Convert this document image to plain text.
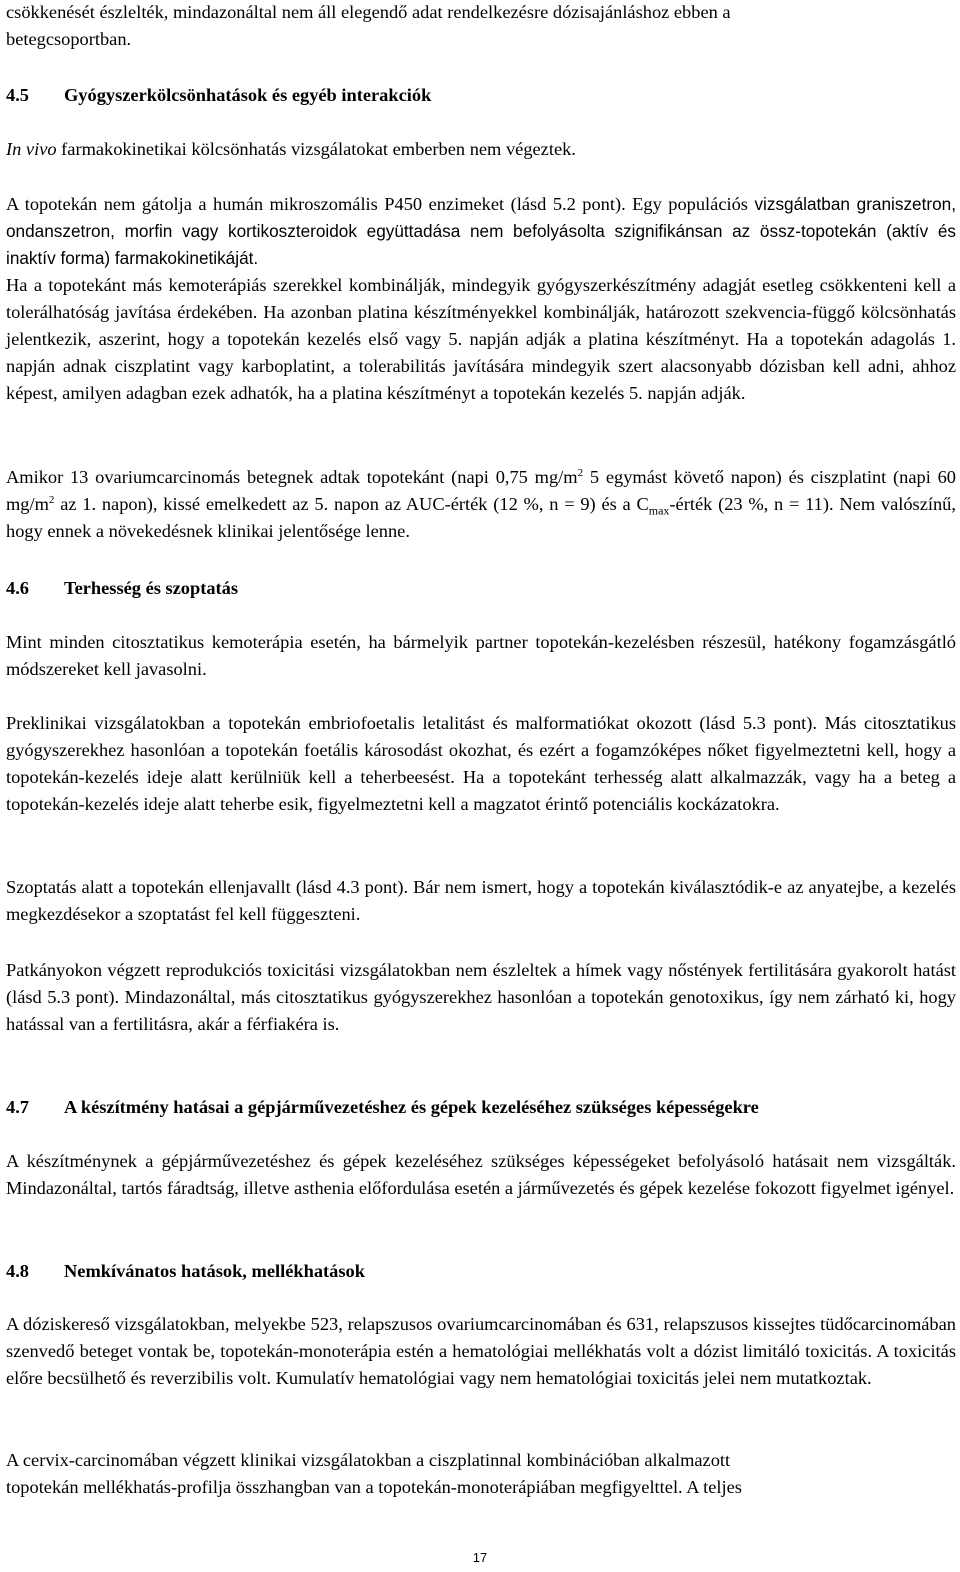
csökkenését észlelték, mindazonáltal nem áll elegendő adat rendelkezésre dózisajánláshoz ebben a
betegcsoportban.

4.5 Gyógyszerkölcsönhatások és egyéb interakciók

In vivo farmakokinetikai kölcsönhatás vizsgálatokat emberben nem végeztek.

A topotekán nem gátolja a humán mikroszomális P450 enzimeket (lásd 5.2 pont). Egy populációs vizsgálatban graniszetron, ondanszetron, morfin vagy kortikoszteroidok együttadása nem befolyásolta szignifikánsan az össz-topotekán (aktív és inaktív forma) farmakokinetikáját.

Ha a topotekánt más kemoterápiás szerekkel kombinálják, mindegyik gyógyszerkészítmény adagját esetleg csökkenteni kell a tolerálhatóság javítása érdekében. Ha azonban platina készítményekkel kombinálják, határozott szekvencia-függő kölcsönhatás jelentkezik, aszerint, hogy a topotekán kezelés első vagy 5. napján adják a platina készítményt. Ha a topotekán adagolás 1. napján adnak ciszplatint vagy karboplatint, a tolerabilitás javítására mindegyik szert alacsonyabb dózisban kell adni, ahhoz képest, amilyen adagban ezek adhatók, ha a platina készítményt a topotekán kezelés 5. napján adják.

Amikor 13 ovariumcarcinomás betegnek adtak topotekánt (napi 0,75 $mg/m^2$ 5 egymást követő napon) és ciszplatint (napi 60 $mg/m^2$ az 1. napon), kissé emelkedett az 5. napon az AUC-érték (12 %, n = 9) és a $C_{max}$-érték (23 %, n = 11). Nem valószínű, hogy ennek a növekedésnek klinikai jelentősége lenne.

4.6 Terhesség és szoptatás

Mint minden citosztatikus kemoterápia esetén, ha bármelyik partner topotekán-kezelésben részesül, hatékony fogamzásgátló módszereket kell javasolni.

Preklinikai vizsgálatokban a topotekán embriofoetalis letalitást és malformatiókat okozott (lásd 5.3 pont). Más citosztatikus gyógyszerekhez hasonlóan a topotekán foetális károsodást okozhat, és ezért a fogamzóképes nőket figyelmeztetni kell, hogy a topotekán-kezelés ideje alatt kerülniük kell a teherbeesést. Ha a topotekánt terhesség alatt alkalmazzák, vagy ha a beteg a topotekán-kezelés ideje alatt teherbe esik, figyelmeztetni kell a magzatot érintő potenciális kockázatokra.

Szoptatás alatt a topotekán ellenjavallt (lásd 4.3 pont). Bár nem ismert, hogy a topotekán kiválasztódik-e az anyatejbe, a kezelés megkezdésekor a szoptatást fel kell függeszteni.

Patkányokon végzett reprodukciós toxicitási vizsgálatokban nem észleltek a hímek vagy nőstények fertilitására gyakorolt hatást (lásd 5.3 pont). Mindazonáltal, más citosztatikus gyógyszerekhez hasonlóan a topotekán genotoxikus, így nem zárható ki, hogy hatással van a fertilitásra, akár a férfiakéra is.

4.7 A készítmény hatásai a gépjárművezetéshez és gépek kezeléséhez szükséges képességekre

A készítménynek a gépjárművezetéshez és gépek kezeléséhez szükséges képességeket befolyásoló hatásait nem vizsgálták. Mindazonáltal, tartós fáradtság, illetve asthenia előfordulása esetén a járművezetés és gépek kezelése fokozott figyelmet igényel.

4.8 Nemkívánatos hatások, mellékhatások

A dóziskereső vizsgálatokban, melyekbe 523, relapszusos ovariumcarcinomában és 631, relapszusos kissejtes tüdőcarcinomában szenvedő beteget vontak be, topotekán-monoterápia estén a hematológiai mellékhatás volt a dózist limitáló toxicitás. A toxicitás előre becsülhető és reverzibilis volt. Kumulatív hematológiai vagy nem hematológiai toxicitás jelei nem mutatkoztak.

A cervix-carcinomában végzett klinikai vizsgálatokban a ciszplatinnal kombinációban alkalmazott
topotekán mellékhatás-profilja összhangban van a topotekán-monoterápiában megfigyelttel. A teljes

17
